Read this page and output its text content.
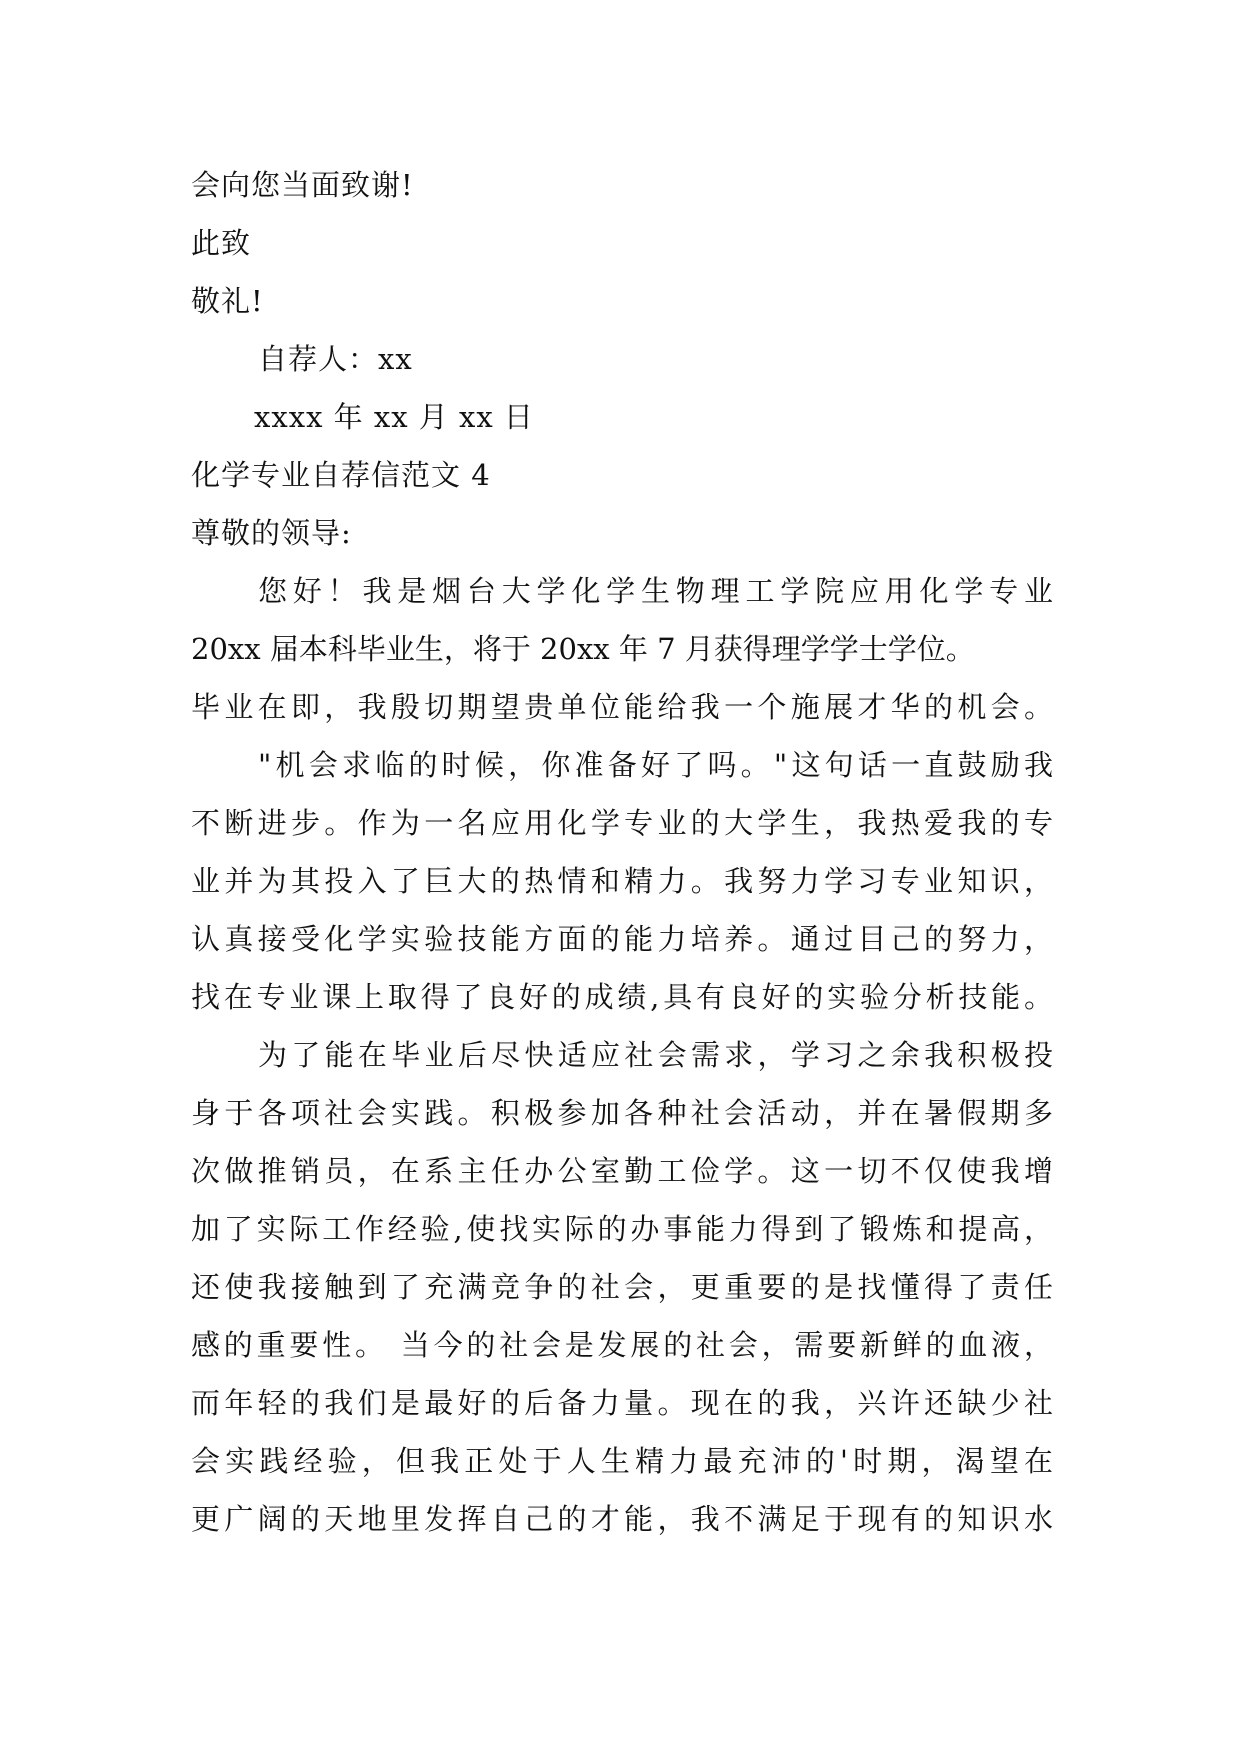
会向您当面致谢!
此致
敬礼!
自荐人：xx
xxxx 年 xx 月 xx 日
化学专业自荐信范文 4
尊敬的领导:
您好！我是烟台大学化学生物理工学院应用化学专业
20xx 届本科毕业生，将于 20xx 年 7 月获得理学学士学位。
毕业在即，我殷切期望贵单位能给我一个施展才华的机会。
"机会求临的时候，你准备好了吗。"这句话一直鼓励我
不断进步。作为一名应用化学专业的大学生，我热爱我的专
业并为其投入了巨大的热情和精力。我努力学习专业知识，
认真接受化学实验技能方面的能力培养。通过目己的努力，
找在专业课上取得了良好的成绩,具有良好的实验分析技能。
为了能在毕业后尽快适应社会需求，学习之余我积极投
身于各项社会实践。积极参加各种社会活动，并在暑假期多
次做推销员，在系主任办公室勤工俭学。这一切不仅使我增
加了实际工作经验,使找实际的办事能力得到了锻炼和提高，
还使我接触到了充满竞争的社会，更重要的是找懂得了责任
感的重要性。 当今的社会是发展的社会，需要新鲜的血液，
而年轻的我们是最好的后备力量。现在的我，兴许还缺少社
会实践经验，但我正处于人生精力最充沛的'时期，渴望在
更广阔的天地里发挥自己的才能，我不满足于现有的知识水
